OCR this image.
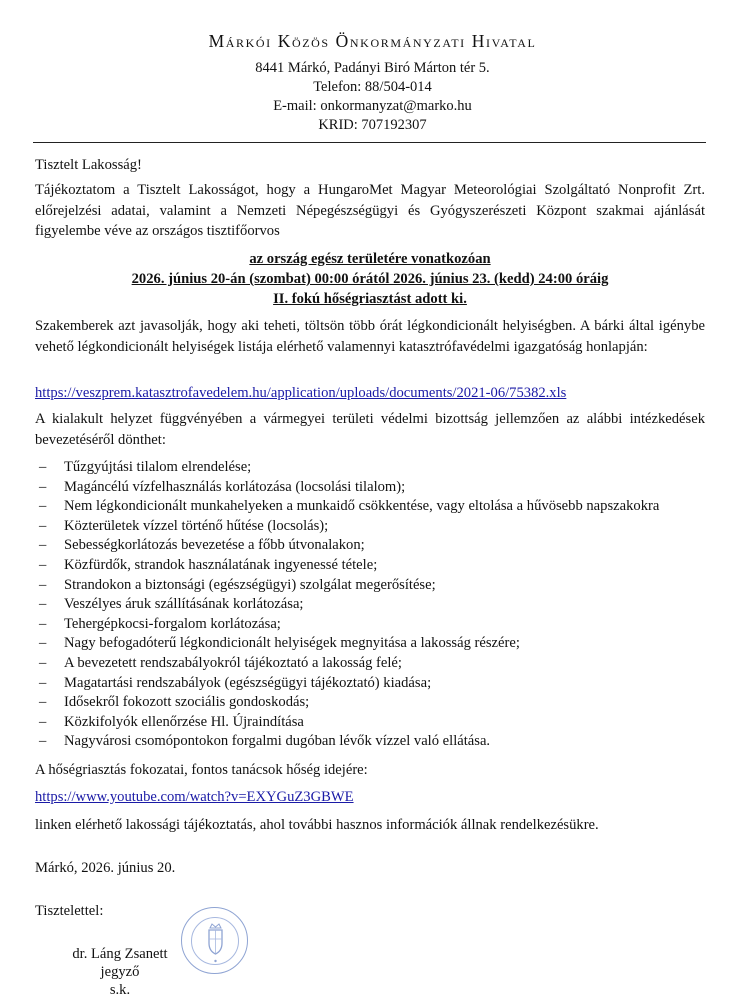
Márkói Közös Önkormányzati Hivatal
8441 Márkó, Padányi Biró Márton tér 5.
Telefon: 88/504-014
E-mail: onkormanyzat@marko.hu
KRID: 707192307
Tisztelt Lakosság!
Tájékoztatom a Tisztelt Lakosságot, hogy a HungaroMet Magyar Meteorológiai Szolgáltató Nonprofit Zrt. előrejelzési adatai, valamint a Nemzeti Népegészségügyi és Gyógyszerészeti Központ szakmai ajánlását figyelembe véve az országos tisztifőorvos
az ország egész területére vonatkozóan
2026. június 20-án (szombat) 00:00 órától 2026. június 23. (kedd) 24:00 óráig
II. fokú hőségriasztást adott ki.
Szakemberek azt javasolják, hogy aki teheti, töltsön több órát légkondicionált helyiségben. A bárki által igénybe vehető légkondicionált helyiségek listája elérhető valamennyi katasztrófavédelmi igazgatóság honlapján:
https://veszprem.katasztrofavedelem.hu/application/uploads/documents/2021-06/75382.xls
A kialakult helyzet függvényében a vármegyei területi védelmi bizottság jellemzően az alábbi intézkedések bevezetéséről dönthet:
– Tűzgyújtási tilalom elrendelése;
– Magáncélú vízfelhasználás korlátozása (locsolási tilalom);
– Nem légkondicionált munkahelyeken a munkaidő csökkentése, vagy eltolása a hűvösebb napszakokra
– Közterületek vízzel történő hűtése (locsolás);
– Sebességkorlátozás bevezetése a főbb útvonalakon;
– Közfürdők, strandok használatának ingyenessé tétele;
– Strandokon a biztonsági (egészségügyi) szolgálat megerősítése;
– Veszélyes áruk szállításának korlátozása;
– Tehergépkocsi-forgalom korlátozása;
– Nagy befogadóterű légkondicionált helyiségek megnyitása a lakosság részére;
– A bevezetett rendszabályokról tájékoztató a lakosság felé;
– Magatartási rendszabályok (egészségügyi tájékoztató) kiadása;
– Idősekről fokozott szociális gondoskodás;
– Közkifolyók ellenőrzése Hl. Újraindítása
– Nagyvárosi csomópontokon forgalmi dugóban lévők vízzel való ellátása.
A hőségriasztás fokozatai, fontos tanácsok hőség idejére:
https://www.youtube.com/watch?v=EXYGuZ3GBWE
linken elérhető lakossági tájékoztatás, ahol további hasznos információk állnak rendelkezésükre.
Márkó, 2026. június 20.
Tisztelettel:
dr. Láng Zsanett
jegyző
s.k.
